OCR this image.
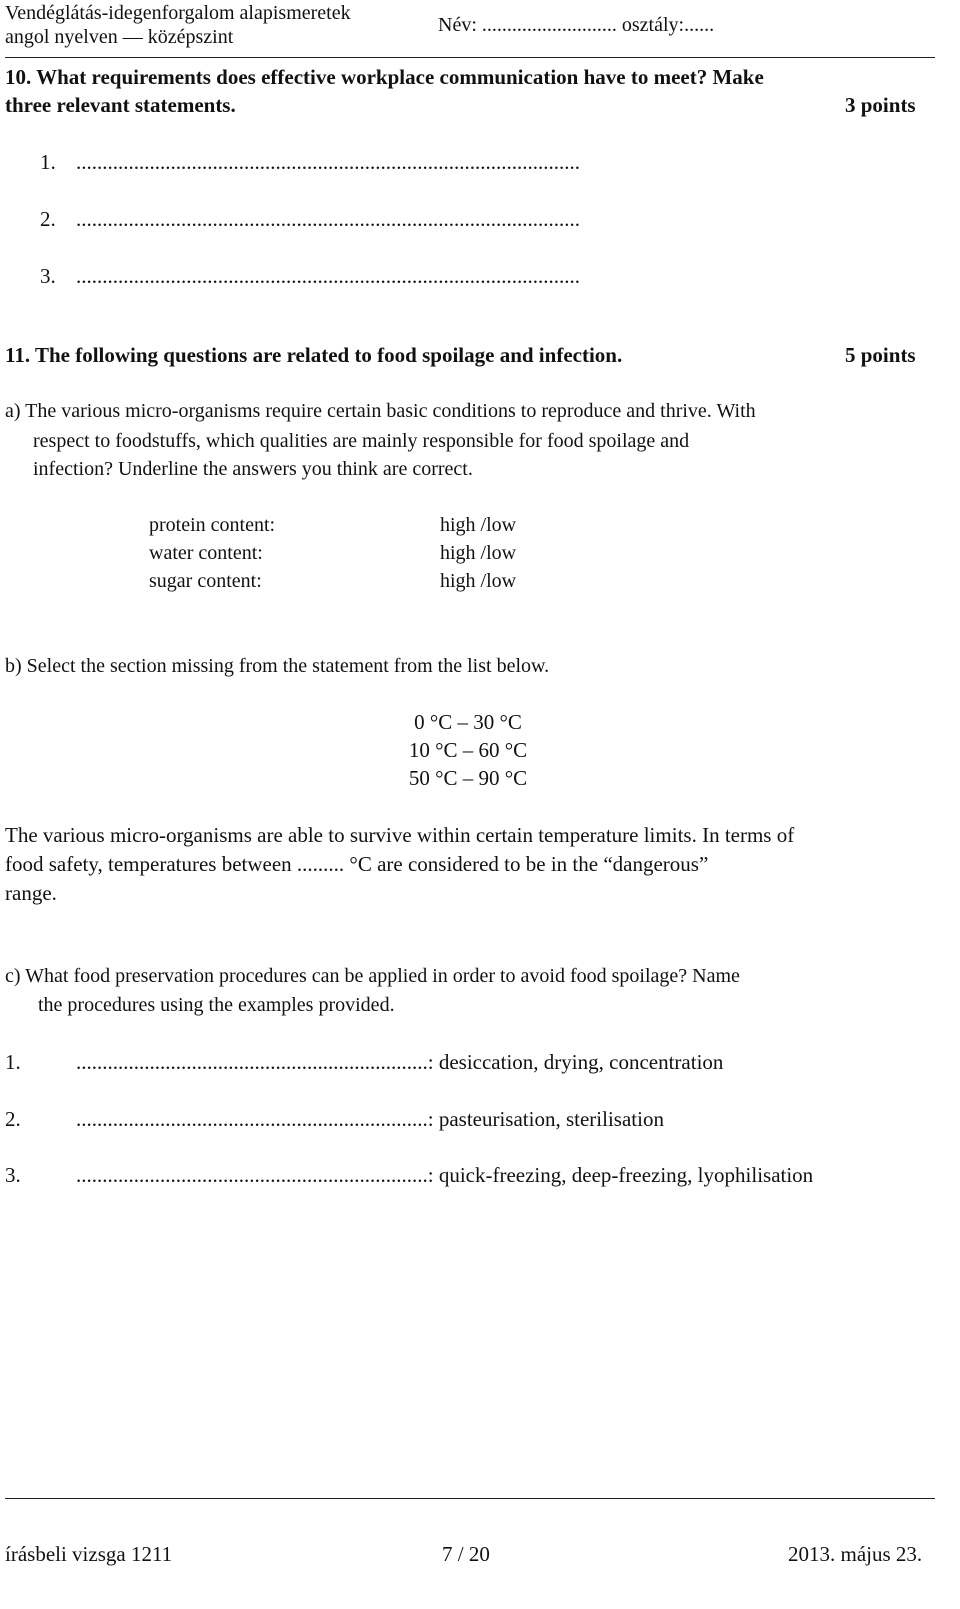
Vendéglátás-idegenforgalom alapismeretek
angol nyelven — középszint
Név: ........................... osztály:......
10. What requirements does effective workplace communication have to meet? Make
three relevant statements.	3 points
1. ................................................................................................
2. ................................................................................................
3. ................................................................................................
11. The following questions are related to food spoilage and infection.	5 points
a) The various micro-organisms require certain basic conditions to reproduce and thrive. With
respect to foodstuffs, which qualities are mainly responsible for food spoilage and
infection? Underline the answers you think are correct.
protein content:	high /low
water content:	high /low
sugar content:	high /low
b) Select the section missing from the statement from the list below.
0 °C – 30 °C
10 °C – 60 °C
50 °C – 90 °C
The various micro-organisms are able to survive within certain temperature limits. In terms of
food safety, temperatures between ......... °C are considered to be in the “dangerous”
range.
c) What food preservation procedures can be applied in order to avoid food spoilage? Name
the procedures using the examples provided.
1.	...................................................................: desiccation, drying, concentration
2.	...................................................................: pasteurisation, sterilisation
3.	...................................................................: quick-freezing, deep-freezing, lyophilisation
írásbeli vizsga 1211	7 / 20	2013. május 23.
